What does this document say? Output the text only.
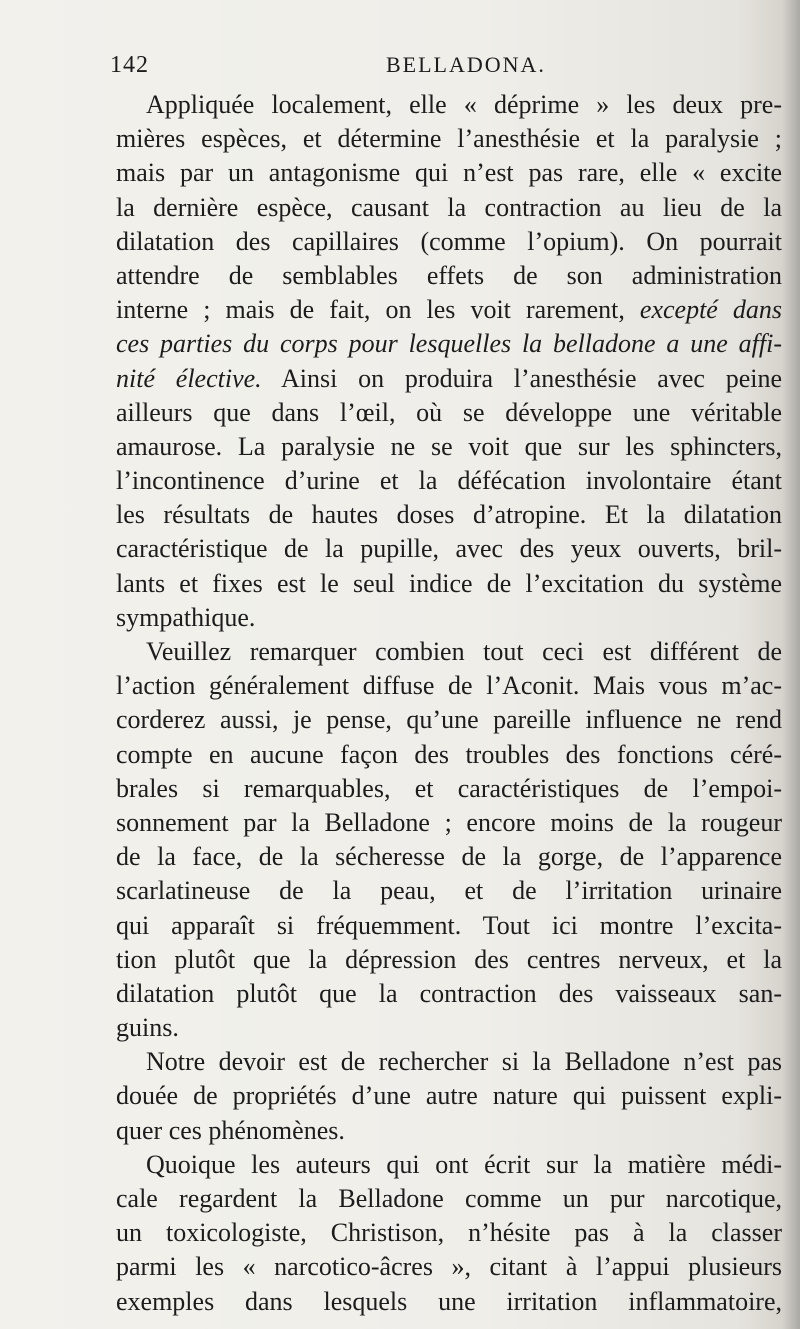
142	BELLADONA.
Appliquée localement, elle « déprime » les deux pre-
mières espèces, et détermine l’anesthésie et la paralysie ;
mais par un antagonisme qui n’est pas rare, elle « excite
la dernière espèce, causant la contraction au lieu de la
dilatation des capillaires (comme l’opium). On pourrait
attendre de semblables effets de son administration
interne ; mais de fait, on les voit rarement, excepté dans
ces parties du corps pour lesquelles la belladone a une affi-
nité élective. Ainsi on produira l’anesthésie avec peine
ailleurs que dans l’œil, où se développe une véritable
amaurose. La paralysie ne se voit que sur les sphincters,
l’incontinence d’urine et la défécation involontaire étant
les résultats de hautes doses d’atropine. Et la dilatation
caractéristique de la pupille, avec des yeux ouverts, bril-
lants et fixes est le seul indice de l’excitation du système
sympathique.
Veuillez remarquer combien tout ceci est différent de
l’action généralement diffuse de l’Aconit. Mais vous m’ac-
corderez aussi, je pense, qu’une pareille influence ne rend
compte en aucune façon des troubles des fonctions céré-
brales si remarquables, et caractéristiques de l’empoi-
sonnement par la Belladone ; encore moins de la rougeur
de la face, de la sécheresse de la gorge, de l’apparence
scarlatineuse de la peau, et de l’irritation urinaire
qui apparaît si fréquemment. Tout ici montre l’excita-
tion plutôt que la dépression des centres nerveux, et la
dilatation plutôt que la contraction des vaisseaux san-
guins.
Notre devoir est de rechercher si la Belladone n’est pas
douée de propriétés d’une autre nature qui puissent expli-
quer ces phénomènes.
Quoique les auteurs qui ont écrit sur la matière médi-
cale regardent la Belladone comme un pur narcotique,
un toxicologiste, Christison, n’hésite pas à la classer
parmi les « narcotico-âcres », citant à l’appui plusieurs
exemples dans lesquels une irritation inflammatoire,
